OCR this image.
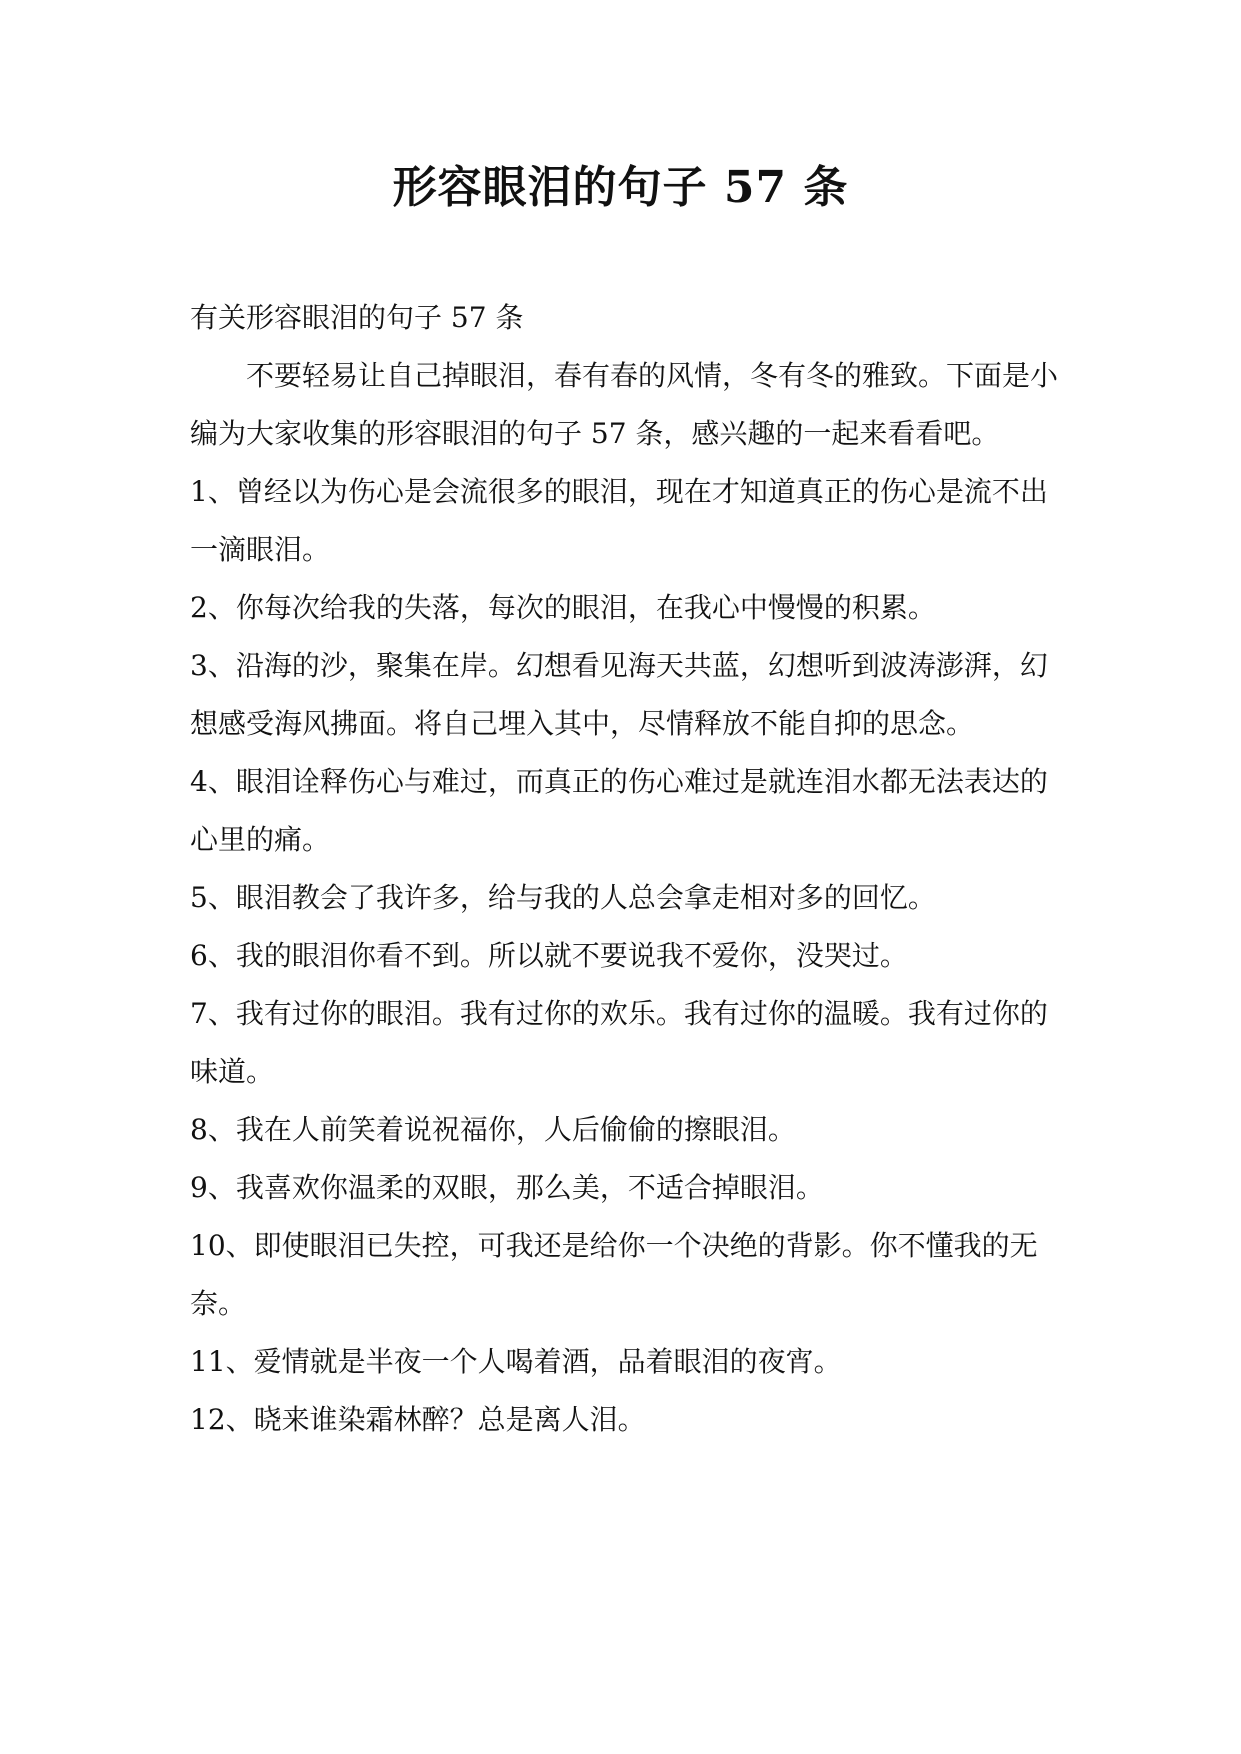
形容眼泪的句子 57 条

有关形容眼泪的句子 57 条

不要轻易让自己掉眼泪，春有春的风情，冬有冬的雅致。下面是小编为大家收集的形容眼泪的句子 57 条，感兴趣的一起来看看吧。

1、曾经以为伤心是会流很多的眼泪，现在才知道真正的伤心是流不出一滴眼泪。

2、你每次给我的失落，每次的眼泪，在我心中慢慢的积累。

3、沿海的沙，聚集在岸。幻想看见海天共蓝，幻想听到波涛澎湃，幻想感受海风拂面。将自己埋入其中，尽情释放不能自抑的思念。

4、眼泪诠释伤心与难过，而真正的伤心难过是就连泪水都无法表达的心里的痛。

5、眼泪教会了我许多，给与我的人总会拿走相对多的回忆。

6、我的眼泪你看不到。所以就不要说我不爱你，没哭过。

7、我有过你的眼泪。我有过你的欢乐。我有过你的温暖。我有过你的味道。

8、我在人前笑着说祝福你，人后偷偷的擦眼泪。

9、我喜欢你温柔的双眼，那么美，不适合掉眼泪。

10、即使眼泪已失控，可我还是给你一个决绝的背影。你不懂我的无奈。

11、爱情就是半夜一个人喝着酒，品着眼泪的夜宵。

12、晓来谁染霜林醉？总是离人泪。
